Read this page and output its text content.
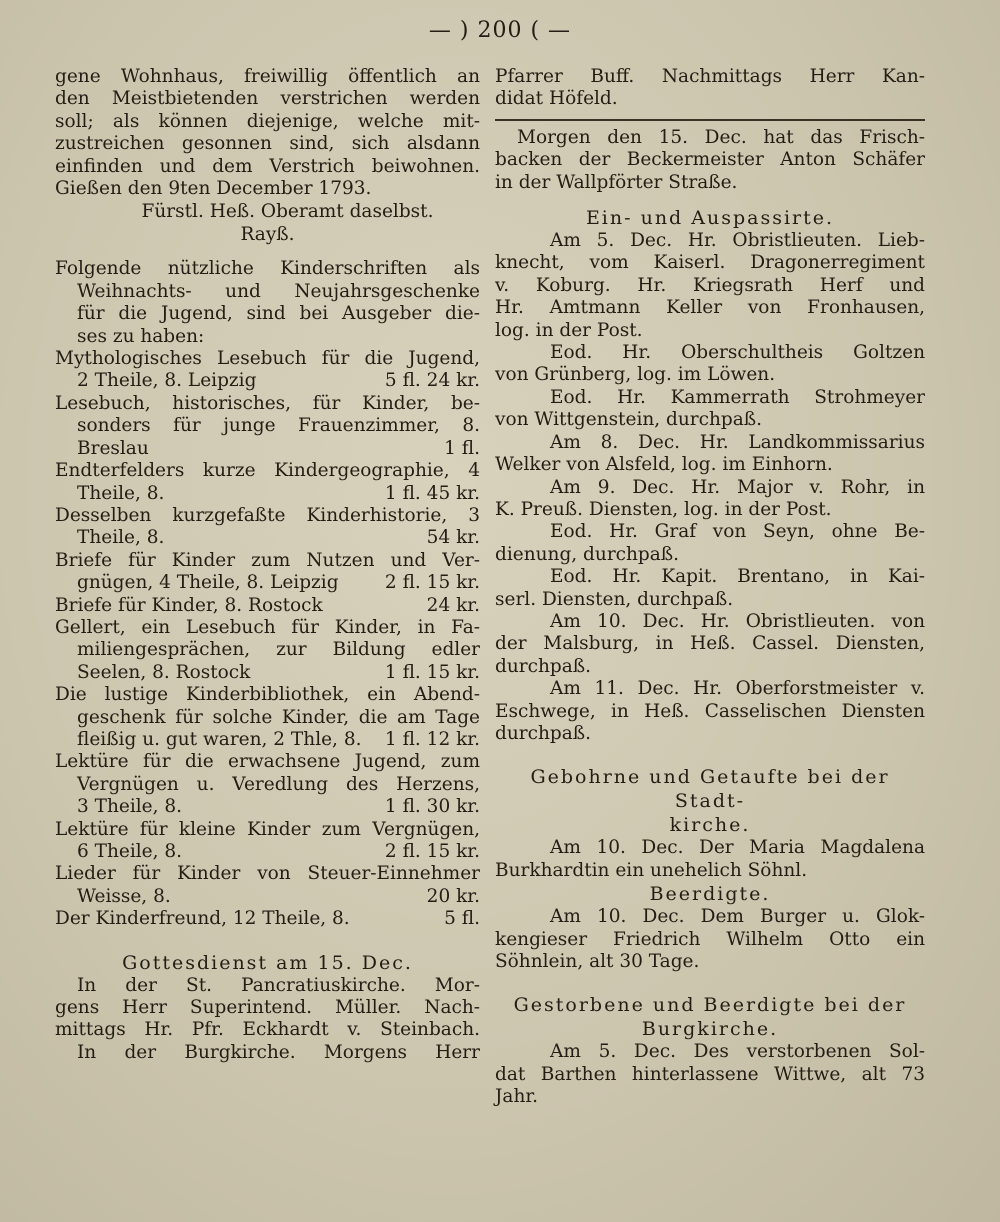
— ) 200 ( —

gene Wohnhaus, freiwillig öffentlich an

den Meistbietenden verstrichen werden

soll; als können diejenige, welche mit-

zustreichen gesonnen sind, sich alsdann

einfinden und dem Verstrich beiwohnen.

Gießen den 9ten December 1793.

Fürstl. Heß. Oberamt daselbst.

Rayß.

Folgende nützliche Kinderschriften als

Weihnachts- und Neujahrsgeschenke

für die Jugend, sind bei Ausgeber die-

ses zu haben:

Mythologisches Lesebuch für die Jugend,

2 Theile, 8. Leipzig	5 fl. 24 kr.

Lesebuch, historisches, für Kinder, be-

sonders für junge Frauenzimmer, 8.

Breslau	1 fl.

Endterfelders kurze Kindergeographie, 4

Theile, 8.	1 fl. 45 kr.

Desselben kurzgefaßte Kinderhistorie, 3

Theile, 8.	54 kr.

Briefe für Kinder zum Nutzen und Ver-

gnügen, 4 Theile, 8. Leipzig	2 fl. 15 kr.
Briefe für Kinder, 8. Rostock	24 kr.

Gellert, ein Lesebuch für Kinder, in Fa-

miliengesprächen, zur Bildung edler

Seelen, 8. Rostock	1 fl. 15 kr.

Die lustige Kinderbibliothek, ein Abend-

geschenk für solche Kinder, die am Tage

fleißig u. gut waren, 2 Thle, 8. 1 fl. 12 kr.

Lektüre für die erwachsene Jugend, zum

Vergnügen u. Veredlung des Herzens,

3 Theile, 8.	1 fl. 30 kr.

Lektüre für kleine Kinder zum Vergnügen,

6 Theile, 8.	2 fl. 15 kr.

Lieder für Kinder von Steuer-Einnehmer

Weisse, 8.	20 kr.
Der Kinderfreund, 12 Theile, 8.	5 fl.

Gottesdienst am 15. Dec.

In der St. Pancratiuskirche. Mor-

gens Herr Superintend. Müller. Nach-

mittags Hr. Pfr. Eckhardt v. Steinbach.

In der Burgkirche. Morgens Herr

Pfarrer Buff. Nachmittags Herr Kan-

didat Höfeld.

Morgen den 15. Dec. hat das Frisch-

backen der Beckermeister Anton Schäfer

in der Wallpförter Straße.

Ein- und Auspassirte.

Am 5. Dec. Hr. Obristlieuten. Lieb-

knecht, vom Kaiserl. Dragonerregiment

v. Koburg. Hr. Kriegsrath Herf und

Hr. Amtmann Keller von Fronhausen,

log. in der Post.

Eod. Hr. Oberschultheis Goltzen

von Grünberg, log. im Löwen.

Eod. Hr. Kammerrath Strohmeyer

von Wittgenstein, durchpaß.

Am 8. Dec. Hr. Landkommissarius

Welker von Alsfeld, log. im Einhorn.

Am 9. Dec. Hr. Major v. Rohr, in

K. Preuß. Diensten, log. in der Post.

Eod. Hr. Graf von Seyn, ohne Be-

dienung, durchpaß.

Eod. Hr. Kapit. Brentano, in Kai-

serl. Diensten, durchpaß.

Am 10. Dec. Hr. Obristlieuten. von

der Malsburg, in Heß. Cassel. Diensten,

durchpaß.

Am 11. Dec. Hr. Oberforstmeister v.

Eschwege, in Heß. Casselischen Diensten

durchpaß.

Gebohrne und Getaufte bei der Stadt-

kirche.

Am 10. Dec. Der Maria Magdalena

Burkhardtin ein unehelich Söhnl.

Beerdigte.

Am 10. Dec. Dem Burger u. Glok-

kengieser Friedrich Wilhelm Otto ein

Söhnlein, alt 30 Tage.

Gestorbene und Beerdigte bei der

Burgkirche.

Am 5. Dec. Des verstorbenen Sol-

dat Barthen hinterlassene Wittwe, alt 73

Jahr.
